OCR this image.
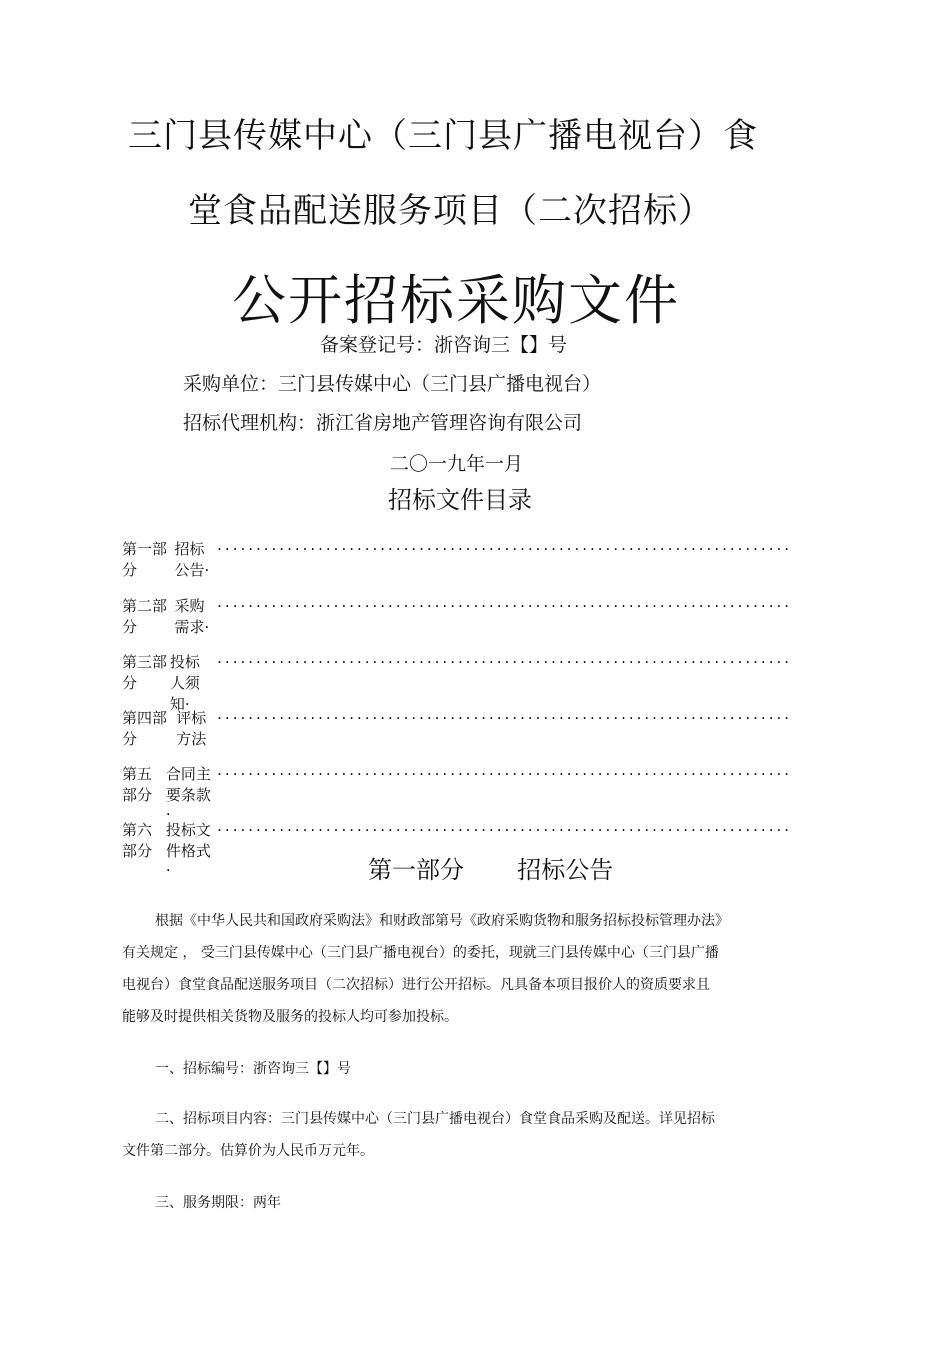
三门县传媒中心（三门县广播电视台）食
堂食品配送服务项目（二次招标）
公开招标采购文件
备案登记号：浙咨询三【】号
采购单位：三门县传媒中心（三门县广播电视台）
招标代理机构：浙江省房地产管理咨询有限公司
二〇一九年一月
招标文件目录
第一部分
招标公告·
··········································································
第二部分
采购需求·
··········································································
第三部分
投标人须知·
··········································································
第四部分
评标方法
··········································································
第五部分
合同主要条款·
··········································································
第六部分
投标文件格式·
··········································································
第一部分 招标公告
根据《中华人民共和国政府采购法》和财政部第号《政府采购货物和服务招标投标管理办法》
有关规定 ， 受三门县传媒中心（三门县广播电视台）的委托，现就三门县传媒中心（三门县广播
电视台）食堂食品配送服务项目（二次招标）进行公开招标。凡具备本项目报价人的资质要求且
能够及时提供相关货物及服务的投标人均可参加投标。
一、招标编号：浙咨询三【】号
二、招标项目内容：三门县传媒中心（三门县广播电视台）食堂食品采购及配送。详见招标
文件第二部分。估算价为人民币万元年。
三、服务期限：两年
